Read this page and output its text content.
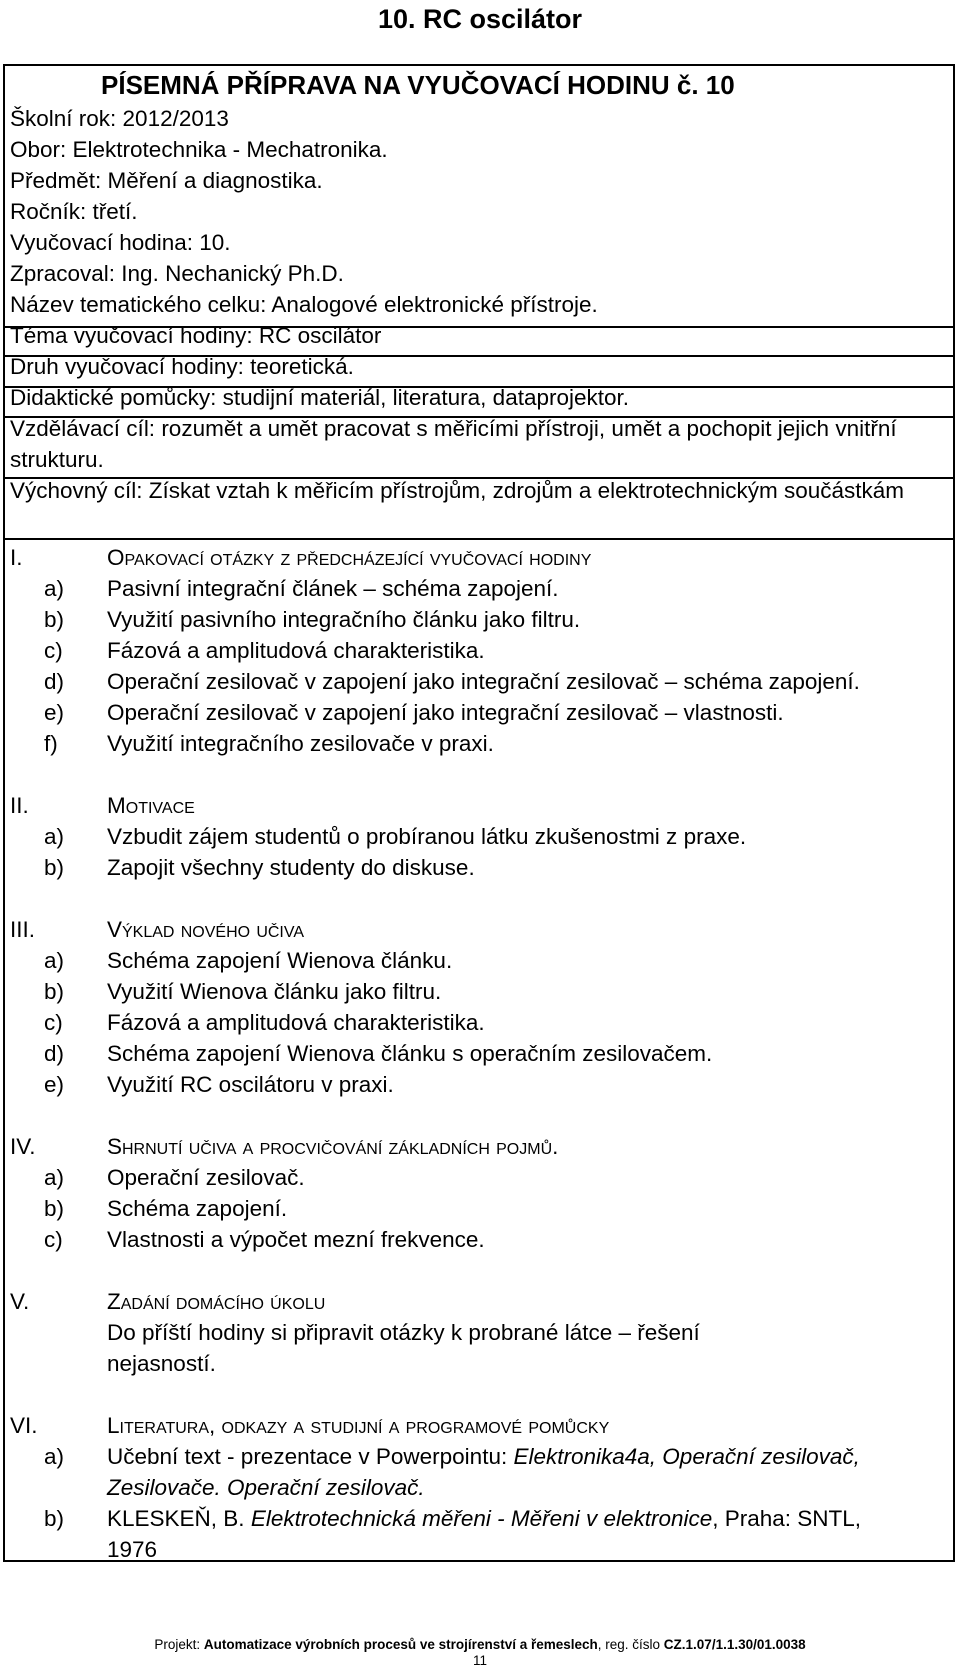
10. RC oscilátor
PÍSEMNÁ PŘÍPRAVA NA VYUČOVACÍ HODINU č. 10
Školní rok: 2012/2013
Obor: Elektrotechnika - Mechatronika.
Předmět: Měření a diagnostika.
Ročník: třetí.
Vyučovací hodina: 10.
Zpracoval: Ing. Nechanický Ph.D.
Název tematického celku: Analogové elektronické přístroje.
Téma vyučovací hodiny: RC oscilátor
Druh vyučovací hodiny: teoretická.
Didaktické pomůcky: studijní materiál, literatura, dataprojektor.
Vzdělávací cíl: rozumět a umět pracovat s měřicími přístroji, umět a pochopit jejich vnitřní strukturu.
Výchovný cíl: Získat vztah k měřicím přístrojům, zdrojům a elektrotechnickým součástkám
I.	Opakovací otázky z předcházející vyučovací hodiny
a)	Pasivní integrační článek – schéma zapojení.
b)	Využití pasivního integračního článku jako filtru.
c)	Fázová a amplitudová charakteristika.
d)	Operační zesilovač v zapojení jako integrační zesilovač – schéma zapojení.
e)	Operační zesilovač v zapojení jako integrační zesilovač – vlastnosti.
f)	Využití integračního zesilovače v praxi.
II.	Motivace
a)	Vzbudit zájem studentů o probíranou látku zkušenostmi z praxe.
b)	Zapojit všechny studenty do diskuse.
III.	Výklad nového učiva
a)	Schéma zapojení Wienova článku.
b)	Využití Wienova článku jako filtru.
c)	Fázová a amplitudová charakteristika.
d)	Schéma zapojení Wienova článku s operačním zesilovačem.
e)	Využití RC oscilátoru v praxi.
IV.	Shrnutí učiva a procvičování základních pojmů.
a)	Operační zesilovač.
b)	Schéma zapojení.
c)	Vlastnosti a výpočet mezní frekvence.
V.	Zadání domácího úkolu
Do příští hodiny si připravit otázky k probrané látce – řešení nejasností.
VI.	Literatura, odkazy a studijní a programové pomůcky
a)	Učební text - prezentace v Powerpointu: Elektronika4a, Operační zesilovač, Zesilovače. Operační zesilovač.
b)	KLESKEŇ, B. Elektrotechnická měřeni - Měřeni v elektronice, Praha: SNTL, 1976
Projekt: Automatizace výrobních procesů ve strojírenství a řemeslech, reg. číslo CZ.1.07/1.1.30/01.0038
11
